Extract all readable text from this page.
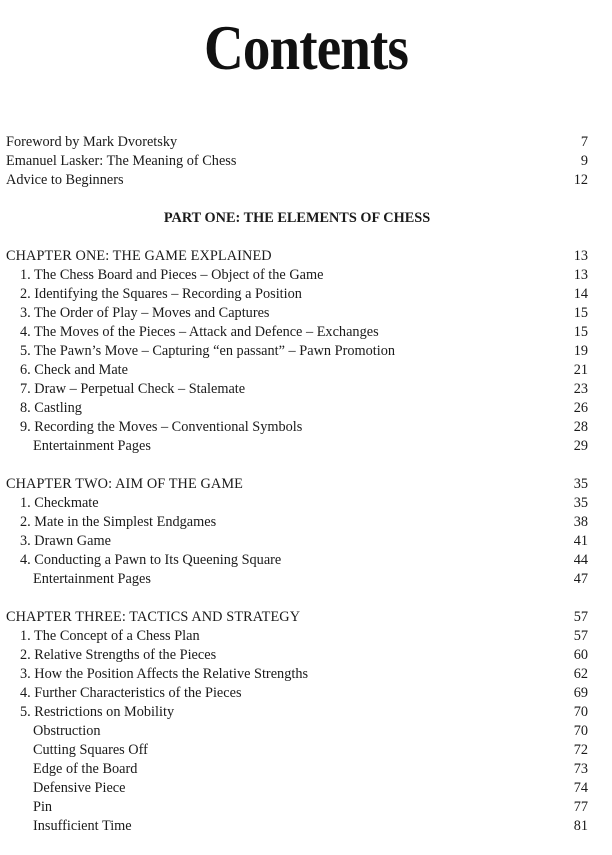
Contents
Foreword by Mark Dvoretsky	7
Emanuel Lasker: The Meaning of Chess	9
Advice to Beginners	12
PART ONE: THE ELEMENTS OF CHESS
CHAPTER ONE: THE GAME EXPLAINED	13
1. The Chess Board and Pieces – Object of the Game	13
2. Identifying the Squares – Recording a Position	14
3. The Order of Play – Moves and Captures	15
4. The Moves of the Pieces – Attack and Defence – Exchanges	15
5. The Pawn’s Move – Capturing “en passant” – Pawn Promotion	19
6. Check and Mate	21
7. Draw – Perpetual Check – Stalemate	23
8. Castling	26
9. Recording the Moves – Conventional Symbols	28
Entertainment Pages	29
CHAPTER TWO: AIM OF THE GAME	35
1. Checkmate	35
2. Mate in the Simplest Endgames	38
3. Drawn Game	41
4. Conducting a Pawn to Its Queening Square	44
Entertainment Pages	47
CHAPTER THREE: TACTICS AND STRATEGY	57
1. The Concept of a Chess Plan	57
2. Relative Strengths of the Pieces	60
3. How the Position Affects the Relative Strengths	62
4. Further Characteristics of the Pieces	69
5. Restrictions on Mobility	70
Obstruction	70
Cutting Squares Off	72
Edge of the Board	73
Defensive Piece	74
Pin	77
Insufficient Time	81
